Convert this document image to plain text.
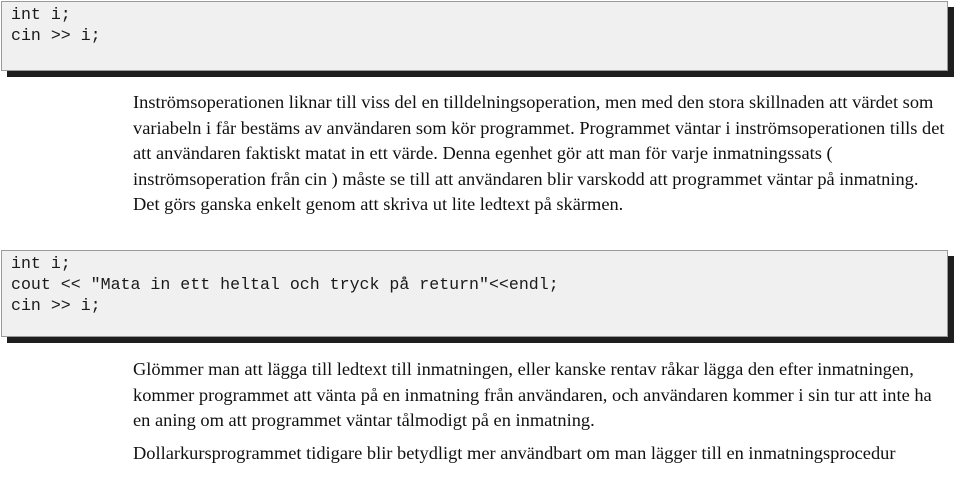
int i;
cin >> i;

Inströmsoperationen liknar till viss del en tilldelningsoperation, men med den stora skillnaden att värdet som variabeln i får bestäms av användaren som kör programmet. Programmet väntar i inströmsoperationen tills det att användaren faktiskt matat in ett värde. Denna egenhet gör att man för varje inmatningssats ( inströmsoperation från cin ) måste se till att användaren blir varskodd att programmet väntar på inmatning. Det görs ganska enkelt genom att skriva ut lite ledtext på skärmen.

int i;
cout << "Mata in ett heltal och tryck på return"<<endl;
cin >> i;

Glömmer man att lägga till ledtext till inmatningen, eller kanske rentav råkar lägga den efter inmatningen, kommer programmet att vänta på en inmatning från användaren, och användaren kommer i sin tur att inte ha en aning om att programmet väntar tålmodigt på en inmatning.

Dollarkursprogrammet tidigare blir betydligt mer användbart om man lägger till en inmatningsprocedur
